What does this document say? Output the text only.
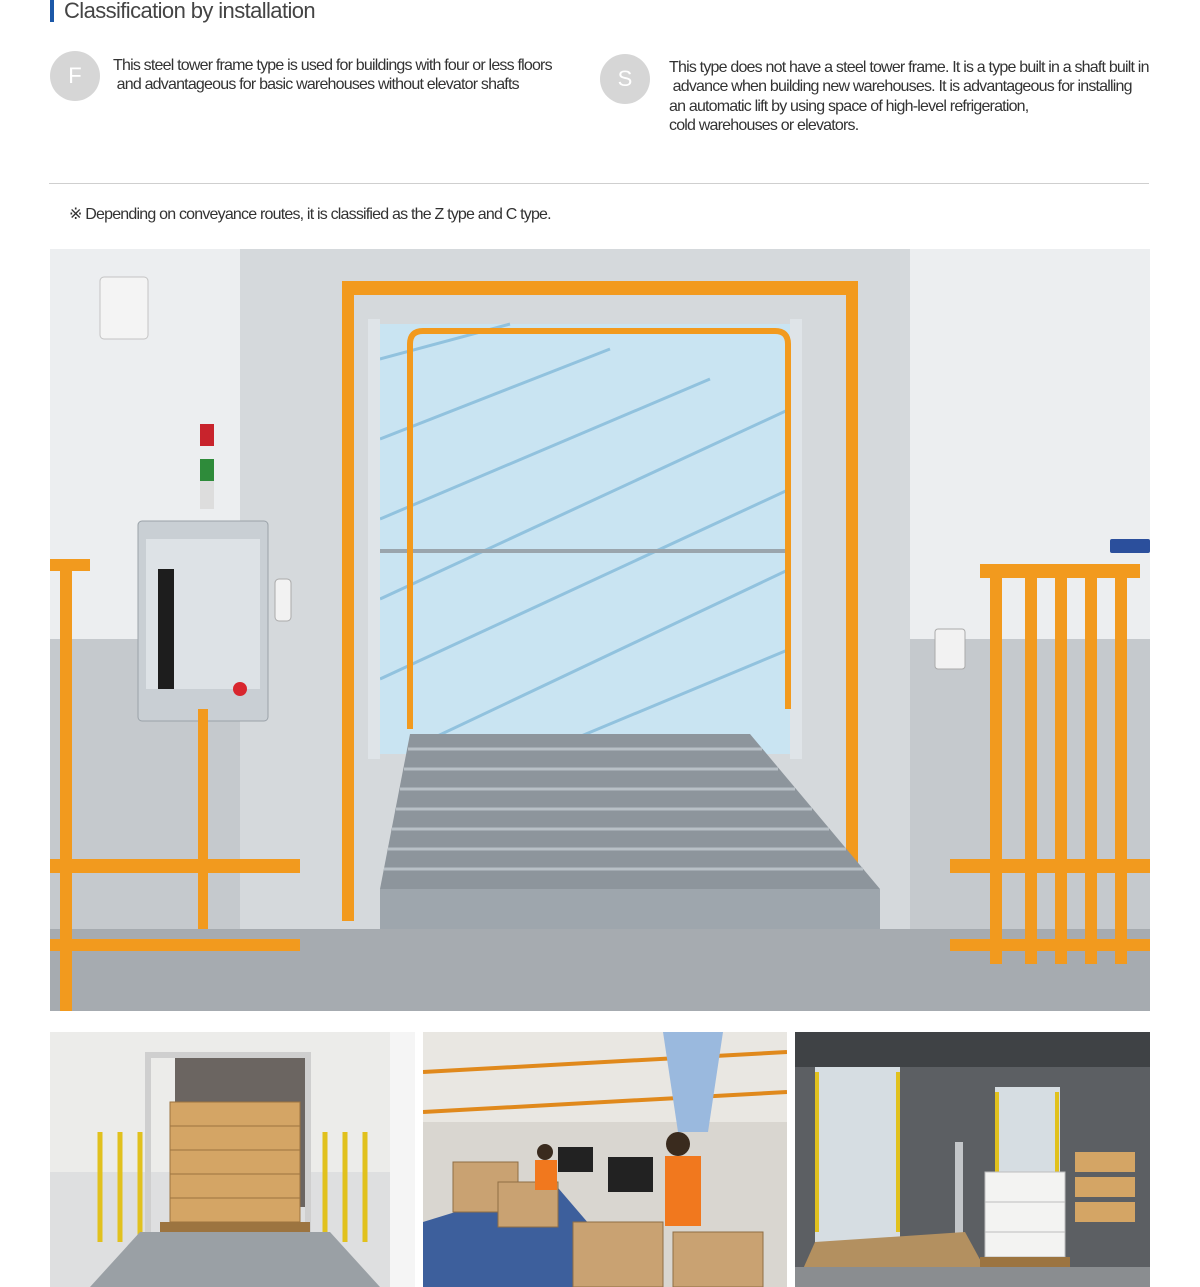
Classification by installation
F	This steel tower frame type is used for buildings with four or less floors
and advantageous for basic warehouses without elevator shafts	S	This type does not have a steel tower frame. It is a type built in a shaft built in
advance when building new warehouses. It is advantageous for installing
an automatic lift by using space of high-level refrigeration,
cold warehouses or elevators.
※ Depending on conveyance routes, it is classified as the Z type and C type.
